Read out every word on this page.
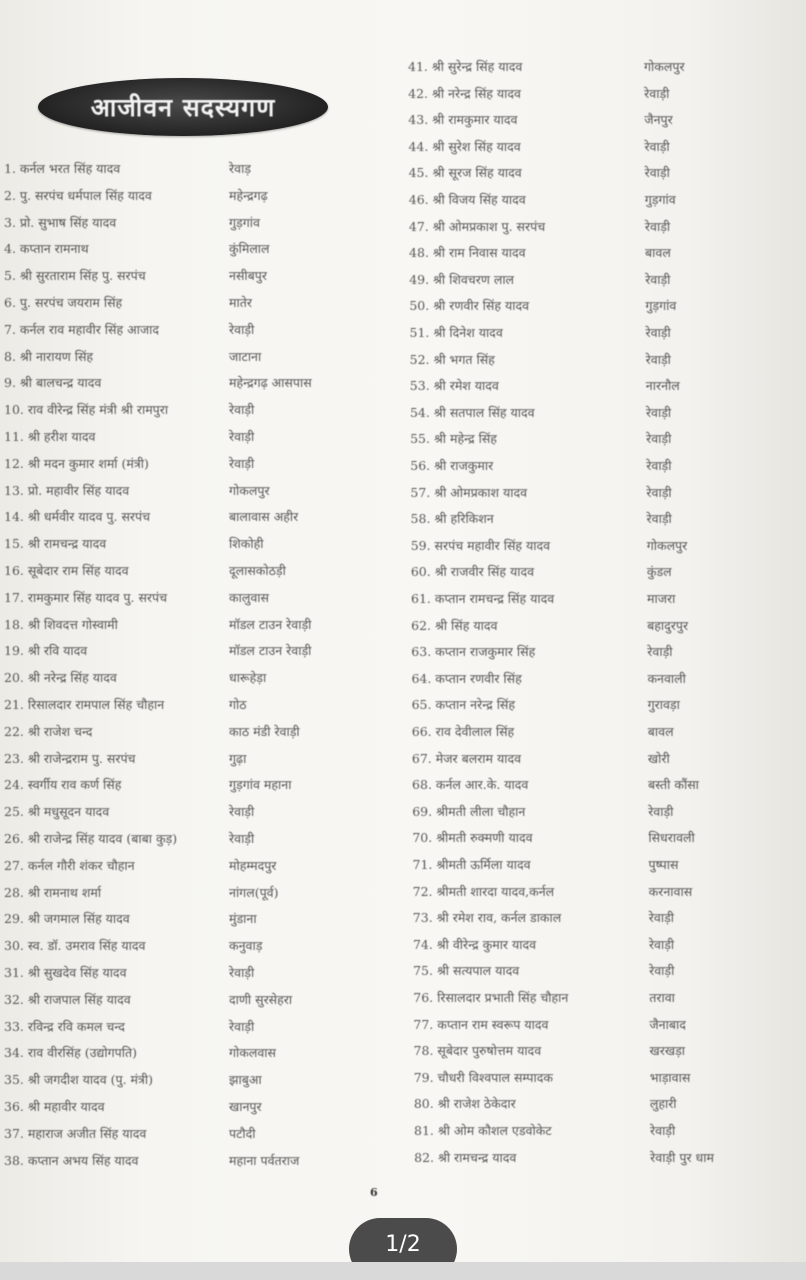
आजीवन सदस्यगण
1. कर्नल भरत सिंह यादव	रेवाड़
2. पु. सरपंच धर्मपाल सिंह यादव	महेन्द्रगढ़
3. प्रो. सुभाष सिंह यादव	गुड़गांव
4. कप्तान रामनाथ	कुंमिलाल
5. श्री सुरताराम सिंह पु. सरपंच	नसीबपुर
6. पु. सरपंच जयराम सिंह	मातेर
7. कर्नल राव महावीर सिंह आजाद	रेवाड़ी
8. श्री नारायण सिंह	जाटाना
9. श्री बालचन्द्र यादव	महेन्द्रगढ़ आसपास
10. राव वीरेन्द्र सिंह मंत्री श्री रामपुरा	रेवाड़ी
11. श्री हरीश यादव	रेवाड़ी
12. श्री मदन कुमार शर्मा (मंत्री)	रेवाड़ी
13. प्रो. महावीर सिंह यादव	गोकलपुर
14. श्री धर्मवीर यादव पु. सरपंच	बालावास अहीर
15. श्री रामचन्द्र यादव	शिकोही
16. सूबेदार राम सिंह यादव	दूलासकोठड़ी
17. रामकुमार सिंह यादव पु. सरपंच	कालुवास
18. श्री शिवदत्त गोस्वामी	मॉडल टाउन रेवाड़ी
19. श्री रवि यादव	मॉडल टाउन रेवाड़ी
20. श्री नरेन्द्र सिंह यादव	धारूहेड़ा
21. रिसालदार रामपाल सिंह चौहान	गोठ
22. श्री राजेश चन्द	काठ मंडी रेवाड़ी
23. श्री राजेन्द्रराम पु. सरपंच	गुढ़ा
24. स्वर्गीय राव कर्ण सिंह	गुड़गांव महाना
25. श्री मधुसूदन यादव	रेवाड़ी
26. श्री राजेन्द्र सिंह यादव (बाबा कुड़)	रेवाड़ी
27. कर्नल गौरी शंकर चौहान	मोहम्मदपुर
28. श्री रामनाथ शर्मा	नांगल(पूर्व)
29. श्री जगमाल सिंह यादव	मुंडाना
30. स्व. डॉ. उमराव सिंह यादव	कनुवाड़
31. श्री सुखदेव सिंह यादव	रेवाड़ी
32. श्री राजपाल सिंह यादव	दाणी सुरसेहरा
33. रविन्द्र रवि कमल चन्द	रेवाड़ी
34. राव वीरसिंह (उद्योगपति)	गोकलवास
35. श्री जगदीश यादव (पु. मंत्री)	झाबुआ
36. श्री महावीर यादव	खानपुर
37. महाराज अजीत सिंह यादव	पटौदी
38. कप्तान अभय सिंह यादव	महाना पर्वतराज
41. श्री सुरेन्द्र सिंह यादव	गोकलपुर
42. श्री नरेन्द्र सिंह यादव	रेवाड़ी
43. श्री रामकुमार यादव	जैनपुर
44. श्री सुरेश सिंह यादव	रेवाड़ी
45. श्री सूरज सिंह यादव	रेवाड़ी
46. श्री विजय सिंह यादव	गुड़गांव
47. श्री ओमप्रकाश पु. सरपंच	रेवाड़ी
48. श्री राम निवास यादव	बावल
49. श्री शिवचरण लाल	रेवाड़ी
50. श्री रणवीर सिंह यादव	गुड़गांव
51. श्री दिनेश यादव	रेवाड़ी
52. श्री भगत सिंह	रेवाड़ी
53. श्री रमेश यादव	नारनौल
54. श्री सतपाल सिंह यादव	रेवाड़ी
55. श्री महेन्द्र सिंह	रेवाड़ी
56. श्री राजकुमार	रेवाड़ी
57. श्री ओमप्रकाश यादव	रेवाड़ी
58. श्री हरिकिशन	रेवाड़ी
59. सरपंच महावीर सिंह यादव	गोकलपुर
60. श्री राजवीर सिंह यादव	कुंडल
61. कप्तान रामचन्द्र सिंह यादव	माजरा
62. श्री सिंह यादव	बहादुरपुर
63. कप्तान राजकुमार सिंह	रेवाड़ी
64. कप्तान रणवीर सिंह	कनवाली
65. कप्तान नरेन्द्र सिंह	गुरावड़ा
66. राव देवीलाल सिंह	बावल
67. मेजर बलराम यादव	खोरी
68. कर्नल आर.के. यादव	बस्ती कौंसा
69. श्रीमती लीला चौहान	रेवाड़ी
70. श्रीमती रुक्मणी यादव	सिधरावली
71. श्रीमती ऊर्मिला यादव	पुष्पास
72. श्रीमती शारदा यादव,कर्नल	करनावास
73. श्री रमेश राव, कर्नल डाकाल	रेवाड़ी
74. श्री वीरेन्द्र कुमार यादव	रेवाड़ी
75. श्री सत्यपाल यादव	रेवाड़ी
76. रिसालदार प्रभाती सिंह चौहान	तरावा
77. कप्तान राम स्वरूप यादव	जैनाबाद
78. सूबेदार पुरुषोत्तम यादव	खरखड़ा
79. चौधरी विश्वपाल सम्पादक	भाड़ावास
80. श्री राजेश ठेकेदार	लुहारी
81. श्री ओम कौशल एडवोकेट	रेवाड़ी
82. श्री रामचन्द्र यादव	रेवाड़ी पुर धाम
6
1/2
